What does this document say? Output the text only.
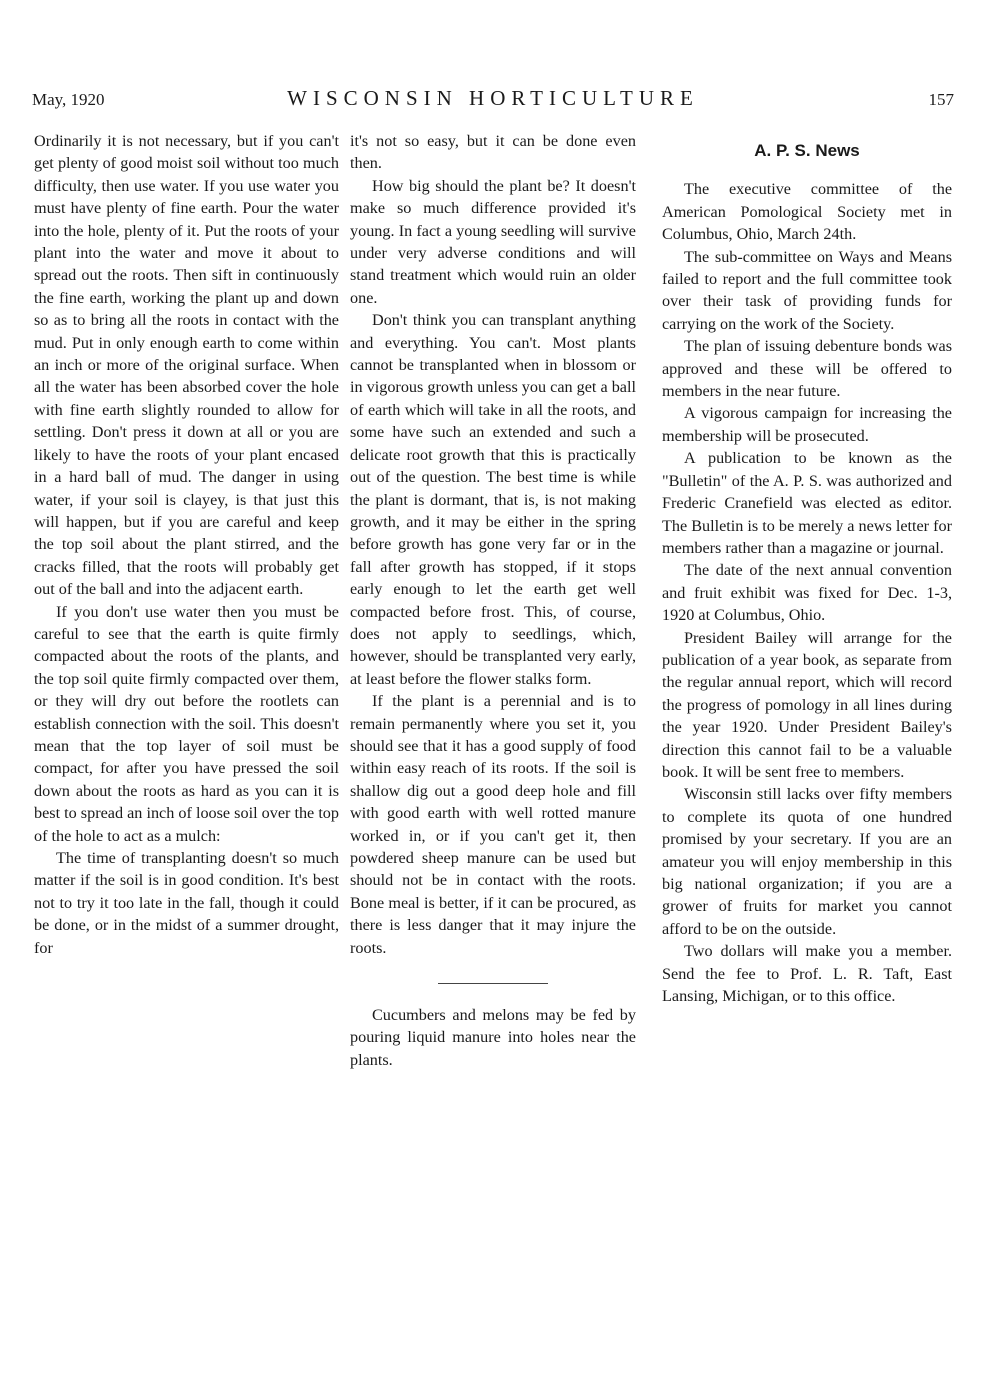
May, 1920	WISCONSIN HORTICULTURE	157

Ordinarily it is not necessary, but if you can't get plenty of good moist soil without too much difficulty, then use water. If you use water you must have plenty of fine earth. Pour the water into the hole, plenty of it. Put the roots of your plant into the water and move it about to spread out the roots. Then sift in continuously the fine earth, working the plant up and down so as to bring all the roots in contact with the mud. Put in only enough earth to come within an inch or more of the original surface. When all the water has been absorbed cover the hole with fine earth slightly rounded to allow for settling. Don't press it down at all or you are likely to have the roots of your plant encased in a hard ball of mud. The danger in using water, if your soil is clayey, is that just this will happen, but if you are careful and keep the top soil about the plant stirred, and the cracks filled, that the roots will probably get out of the ball and into the adjacent earth.

If you don't use water then you must be careful to see that the earth is quite firmly compacted about the roots of the plants, and the top soil quite firmly compacted over them, or they will dry out before the rootlets can establish connection with the soil. This doesn't mean that the top layer of soil must be compact, for after you have pressed the soil down about the roots as hard as you can it is best to spread an inch of loose soil over the top of the hole to act as a mulch:

The time of transplanting doesn't so much matter if the soil is in good condition. It's best not to try it too late in the fall, though it could be done, or in the midst of a summer drought, for

it's not so easy, but it can be done even then.

How big should the plant be? It doesn't make so much difference provided it's young. In fact a young seedling will survive under very adverse conditions and will stand treatment which would ruin an older one.

Don't think you can transplant anything and everything. You can't. Most plants cannot be transplanted when in blossom or in vigorous growth unless you can get a ball of earth which will take in all the roots, and some have such an extended and such a delicate root growth that this is practically out of the question. The best time is while the plant is dormant, that is, is not making growth, and it may be either in the spring before growth has gone very far or in the fall after growth has stopped, if it stops early enough to let the earth get well compacted before frost. This, of course, does not apply to seedlings, which, however, should be transplanted very early, at least before the flower stalks form.

If the plant is a perennial and is to remain permanently where you set it, you should see that it has a good supply of food within easy reach of its roots. If the soil is shallow dig out a good deep hole and fill with good earth with well rotted manure worked in, or if you can't get it, then powdered sheep manure can be used but should not be in contact with the roots. Bone meal is better, if it can be procured, as there is less danger that it may injure the roots.

Cucumbers and melons may be fed by pouring liquid manure into holes near the plants.

A. P. S. News

The executive committee of the American Pomological Society met in Columbus, Ohio, March 24th.

The sub-committee on Ways and Means failed to report and the full committee took over their task of providing funds for carrying on the work of the Society.

The plan of issuing debenture bonds was approved and these will be offered to members in the near future.

A vigorous campaign for increasing the membership will be prosecuted.

A publication to be known as the "Bulletin" of the A. P. S. was authorized and Frederic Cranefield was elected as editor. The Bulletin is to be merely a news letter for members rather than a magazine or journal.

The date of the next annual convention and fruit exhibit was fixed for Dec. 1-3, 1920 at Columbus, Ohio.

President Bailey will arrange for the publication of a year book, as separate from the regular annual report, which will record the progress of pomology in all lines during the year 1920. Under President Bailey's direction this cannot fail to be a valuable book. It will be sent free to members.

Wisconsin still lacks over fifty members to complete its quota of one hundred promised by your secretary. If you are an amateur you will enjoy membership in this big national organization; if you are a grower of fruits for market you cannot afford to be on the outside.

Two dollars will make you a member. Send the fee to Prof. L. R. Taft, East Lansing, Michigan, or to this office.
